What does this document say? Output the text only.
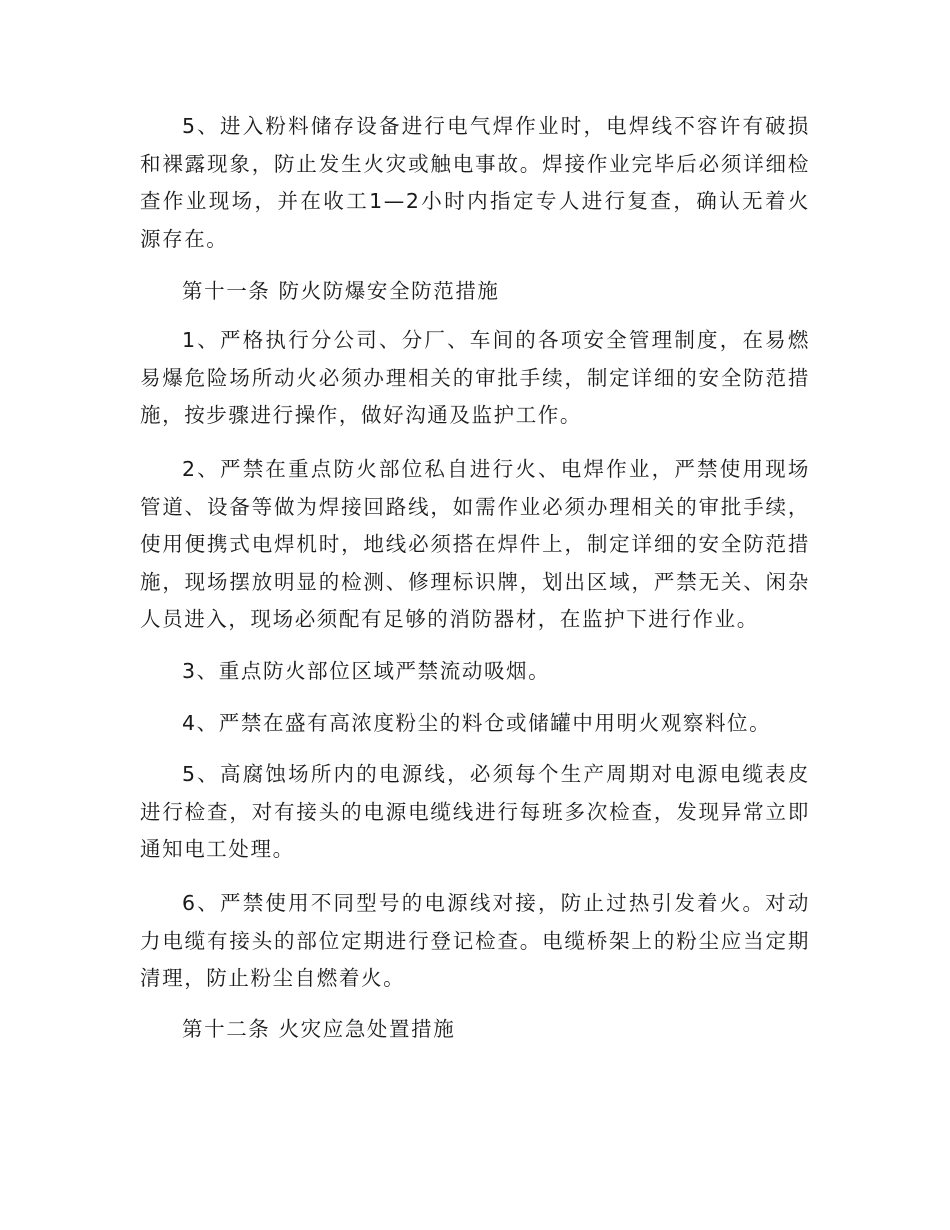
5、进入粉料储存设备进行电气焊作业时，电焊线不容许有破损和裸露现象，防止发生火灾或触电事故。焊接作业完毕后必须详细检查作业现场，并在收工1—2小时内指定专人进行复查，确认无着火源存在。

第十一条 防火防爆安全防范措施

1、严格执行分公司、分厂、车间的各项安全管理制度，在易燃易爆危险场所动火必须办理相关的审批手续，制定详细的安全防范措施，按步骤进行操作，做好沟通及监护工作。

2、严禁在重点防火部位私自进行火、电焊作业，严禁使用现场管道、设备等做为焊接回路线，如需作业必须办理相关的审批手续，使用便携式电焊机时，地线必须搭在焊件上，制定详细的安全防范措施，现场摆放明显的检测、修理标识牌，划出区域，严禁无关、闲杂人员进入，现场必须配有足够的消防器材，在监护下进行作业。

3、重点防火部位区域严禁流动吸烟。

4、严禁在盛有高浓度粉尘的料仓或储罐中用明火观察料位。

5、高腐蚀场所内的电源线，必须每个生产周期对电源电缆表皮进行检查，对有接头的电源电缆线进行每班多次检查，发现异常立即通知电工处理。

6、严禁使用不同型号的电源线对接，防止过热引发着火。对动力电缆有接头的部位定期进行登记检查。电缆桥架上的粉尘应当定期清理，防止粉尘自燃着火。

第十二条 火灾应急处置措施
